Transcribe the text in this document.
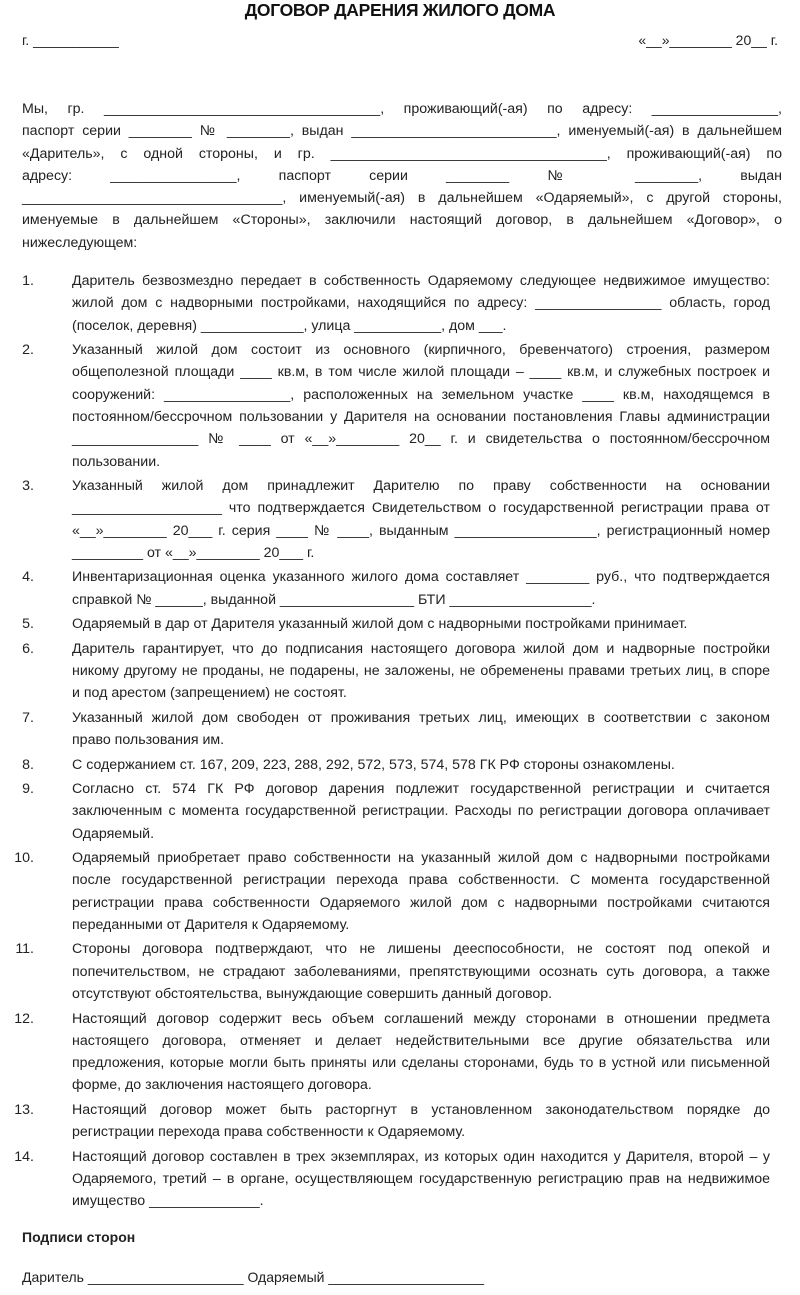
ДОГОВОР ДАРЕНИЯ ЖИЛОГО ДОМА
г. ___________	«__»________ 20__ г.
Мы, гр. ___________________________________, проживающий(-ая) по адресу: ________________,
паспорт серии ________ № ________, выдан __________________________, именуемый(-ая) в дальнейшем
«Даритель», с одной стороны, и гр. ___________________________________, проживающий(-ая) по
адресу: ________________, паспорт серии ________ № ________, выдан
_________________________________, именуемый(-ая) в дальнейшем «Одаряемый», с другой стороны,
именуемые в дальнейшем «Стороны», заключили настоящий договор, в дальнейшем «Договор», о
нижеследующем:
1.	Даритель безвозмездно передает в собственность Одаряемому следующее недвижимое имущество:
жилой дом с надворными постройками, находящийся по адресу: ________________ область, город
(поселок, деревня) _____________, улица ___________, дом ___.
2.	Указанный жилой дом состоит из основного (кирпичного, бревенчатого) строения, размером
общеполезной площади ____ кв.м, в том числе жилой площади – ____ кв.м, и служебных построек и
сооружений: ________________, расположенных на земельном участке ____ кв.м, находящемся в
постоянном/бессрочном пользовании у Дарителя на основании постановления Главы администрации
________________ № ____ от «__»________ 20__ г. и свидетельства о постоянном/бессрочном
пользовании.
3.	Указанный жилой дом принадлежит Дарителю по праву собственности на основании
___________________ что подтверждается Свидетельством о государственной регистрации права от
«__»________ 20___ г. серия ____ № ____, выданным __________________, регистрационный номер
_________ от «__»________ 20___ г.
4.	Инвентаризационная оценка указанного жилого дома составляет ________ руб., что подтверждается
справкой № ______, выданной _________________ БТИ __________________.
5.	Одаряемый в дар от Дарителя указанный жилой дом с надворными постройками принимает.
6.	Даритель гарантирует, что до подписания настоящего договора жилой дом и надворные постройки
никому другому не проданы, не подарены, не заложены, не обременены правами третьих лиц, в споре
и под арестом (запрещением) не состоят.
7.	Указанный жилой дом свободен от проживания третьих лиц, имеющих в соответствии с законом
право пользования им.
8.	С содержанием ст. 167, 209, 223, 288, 292, 572, 573, 574, 578 ГК РФ стороны ознакомлены.
9.	Согласно ст. 574 ГК РФ договор дарения подлежит государственной регистрации и считается
заключенным с момента государственной регистрации. Расходы по регистрации договора оплачивает
Одаряемый.
10.	Одаряемый приобретает право собственности на указанный жилой дом с надворными постройками
после государственной регистрации перехода права собственности. С момента государственной
регистрации права собственности Одаряемого жилой дом с надворными постройками считаются
переданными от Дарителя к Одаряемому.
11.	Стороны договора подтверждают, что не лишены дееспособности, не состоят под опекой и
попечительством, не страдают заболеваниями, препятствующими осознать суть договора, а также
отсутствуют обстоятельства, вынуждающие совершить данный договор.
12.	Настоящий договор содержит весь объем соглашений между сторонами в отношении предмета
настоящего договора, отменяет и делает недействительными все другие обязательства или
предложения, которые могли быть приняты или сделаны сторонами, будь то в устной или письменной
форме, до заключения настоящего договора.
13.	Настоящий договор может быть расторгнут в установленном законодательством порядке до
регистрации перехода права собственности к Одаряемому.
14.	Настоящий договор составлен в трех экземплярах, из которых один находится у Дарителя, второй – у
Одаряемого, третий – в органе, осуществляющем государственную регистрацию прав на недвижимое
имущество ______________.
Подписи сторон
Даритель ____________________ Одаряемый ____________________
